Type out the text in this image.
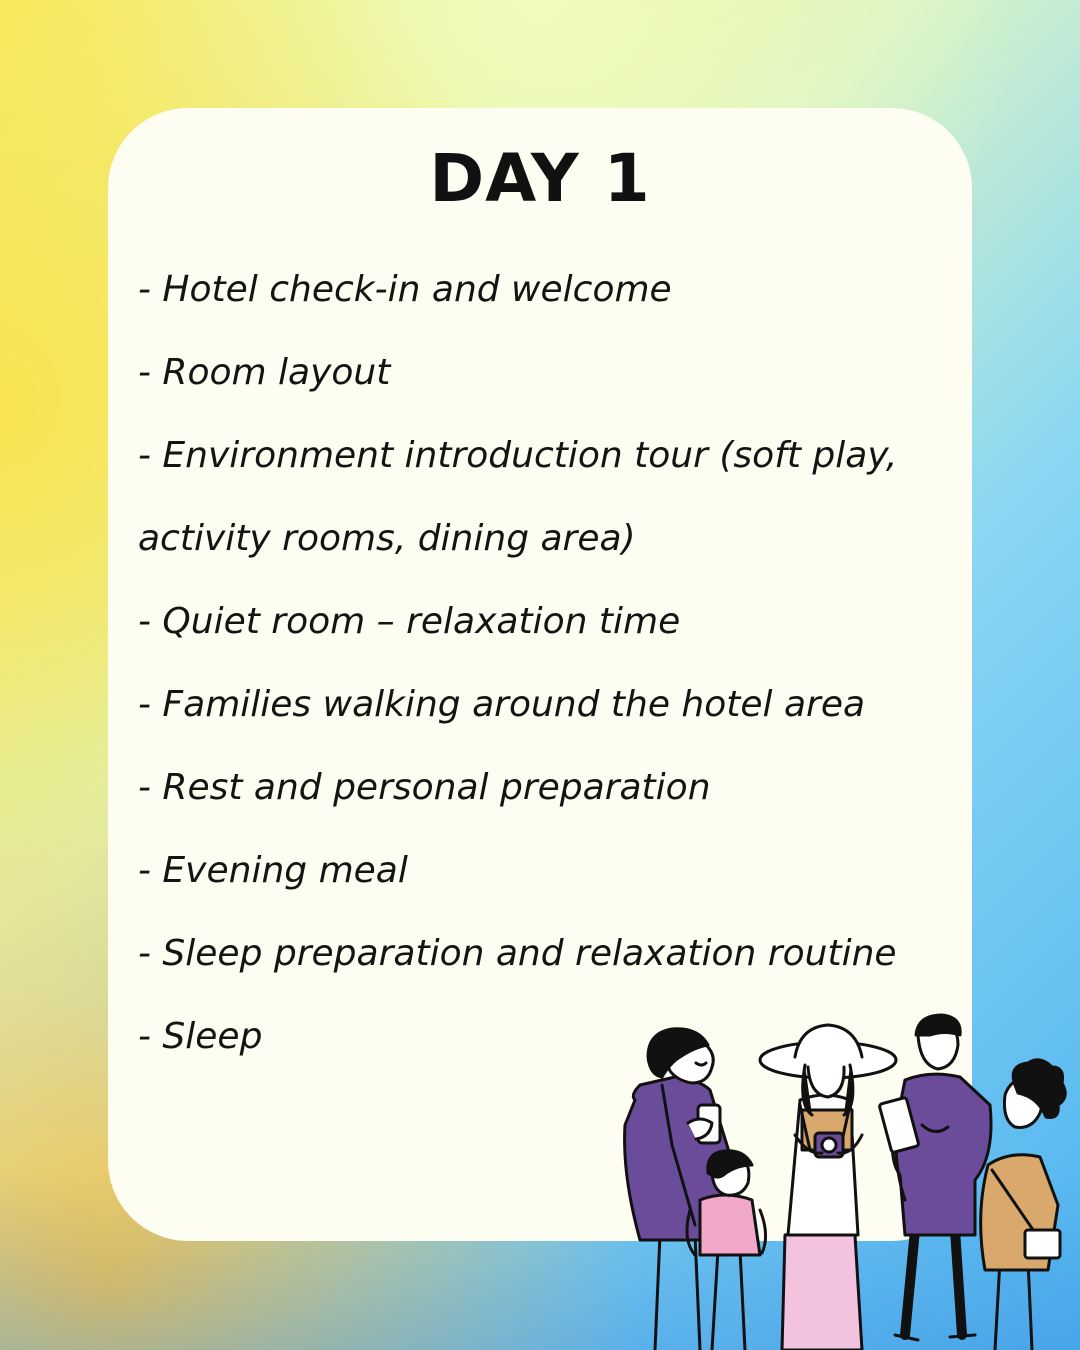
DAY 1
- Hotel check-in and welcome
- Room layout
- Environment introduction tour (soft play,
activity rooms, dining area)
- Quiet room – relaxation time
- Families walking around the hotel area
- Rest and personal preparation
- Evening meal
- Sleep preparation and relaxation routine
- Sleep
